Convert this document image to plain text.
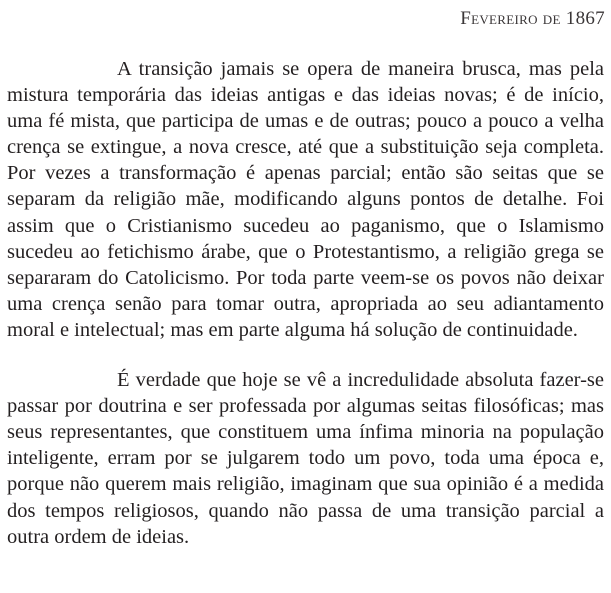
Fevereiro de 1867

A transição jamais se opera de maneira brusca, mas pela mistura temporária das ideias antigas e das ideias novas; é de início, uma fé mista, que participa de umas e de outras; pouco a pouco a velha crença se extingue, a nova cresce, até que a substituição seja completa. Por vezes a transformação é apenas parcial; então são seitas que se separam da religião mãe, modificando alguns pontos de detalhe. Foi assim que o Cristianismo sucedeu ao paganismo, que o Islamismo sucedeu ao fetichismo árabe, que o Protestantismo, a religião grega se separaram do Catolicismo. Por toda parte veem-se os povos não deixar uma crença senão para tomar outra, apropriada ao seu adiantamento moral e intelectual; mas em parte alguma há solução de continuidade.

É verdade que hoje se vê a incredulidade absoluta fazer-se passar por doutrina e ser professada por algumas seitas filosóficas; mas seus representantes, que constituem uma ínfima minoria na população inteligente, erram por se julgarem todo um povo, toda uma época e, porque não querem mais religião, imaginam que sua opinião é a medida dos tempos religiosos, quando não passa de uma transição parcial a outra ordem de ideias.
